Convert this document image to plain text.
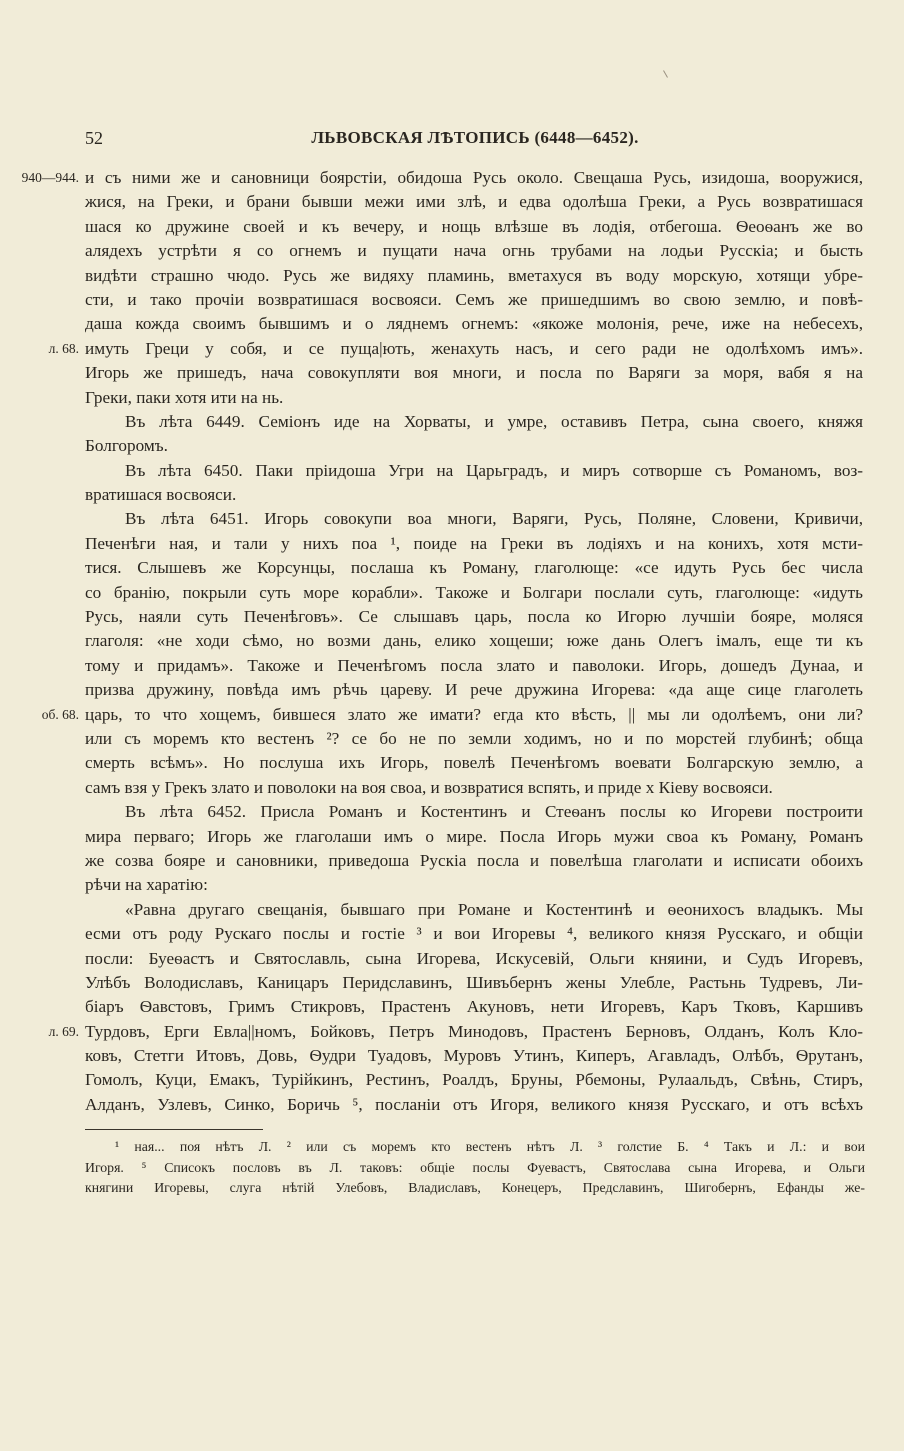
52	ЛЬВОВСКАЯ ЛѢТОПИСЬ (6448—6452).
940—944. и съ ними же и сановници боярстіи, обидоша Русь около. Свещаша Русь, изидоша, вооружися,
жися, на Греки, и брани бывши межи ими злѣ, и едва одолѣша Греки, а Русь возвратишася
шася ко дружине своей и къ вечеру, и нощь влѣзше въ лодія, отбегоша. Ѳеоѳанъ же во
алядехъ устрѣти я со огнемъ и пущати нача огнь трубами на лодьи Русскіа; и бысть
видѣти страшно чюдо. Русь же видяху пламинь, вметахуся въ воду морскую, хотящи убре-
сти, и тако прочіи возвратишася восвояси. Семъ же пришедшимъ во свою землю, и повѣ-
даша кождa своимъ бывшимъ и о ляднемъ огнемъ: «якоже молонія, рече, иже на небесехъ,
л. 68. имуть Греци у собя, и се пуща|ють, женахуть насъ, и сего ради не одолѣхомъ имъ».
Игорь же пришедъ, начa совокупляти воя многи, и посла по Варяги за моря, вабя я на
Греки, паки хотя ити на нь.
Въ лѣта 6449. Семіонъ иде на Хорваты, и умре, оставивъ Петра, сына своего, княжя
Болгоромъ.
Въ лѣта 6450. Паки пріидоша Угри на Царьградъ, и миръ сотворше съ Романомъ, воз-
вратишася восвояси.
Въ лѣта 6451. Игорь совокупи воа многи, Варяги, Русь, Поляне, Словени, Кривичи,
Печенѣги ная, и тали у нихъ поа ¹, поиде на Греки въ лодіяхъ и на конихъ, хотя мсти-
тися. Слышевъ же Корсунцы, послаша къ Роману, глаголюще: «се идуть Русь бес числа
со бранію, покрыли суть море корабли». Такоже и Болгари послали суть, глаголюще: «идуть
Русь, наяли суть Печенѣговъ». Се слышавъ царь, посла ко Игорю лучшіи бояре, моляся
глаголя: «не ходи сѣмо, но возми дань, елико хощеши; юже дань Олегъ імалъ, еще ти къ
тому и придамъ». Такоже и Печенѣгомъ посла злато и паволоки. Игорь, дошедъ Дунаа, и
призва дружину, повѣда имъ рѣчь цареву. И рече дружина Игорева: «да аще сице глаголеть
об. 68. царь, то что хощемъ, бившеся злато же имати? егда кто вѣсть, || мы ли одолѣемъ, они ли?
или съ моремъ кто вестенъ ²? се бо не по земли ходимъ, но и по морстей глубинѣ; обща
смерть всѣмъ». Но послуша ихъ Игорь, повелѣ Печенѣгомъ воевати Болгарскую землю, а
самъ взя у Грекъ злато и поволоки на воя своа, и возвратися вспять, и приде х Кіеву восвояси.
Въ лѣта 6452. Присла Романъ и Костентинъ и Стеѳанъ послы ко Игореви построити
мира перваго; Игорь же глаголаши имъ о мире. Посла Игорь мужи своа къ Роману, Романъ
же созва бояре и сановники, приведоша Рускіа посла и повелѣша глаголати и исписати обоихъ
рѣчи на харатію:
«Равна другаго свещанія, бывшаго при Романе и Костентинѣ и ѳеонихосъ владыкъ. Мы
есми отъ роду Рускаго послы и гостіе ³ и вои Игоревы ⁴, великого князя Русскаго, и общіи
посли: Буеѳастъ и Святославль, сына Игорева, Искусевій, Ольги княини, и Судъ Игоревъ,
Улѣбъ Володиславъ, Каницаръ Перидславинъ, Шивъбернъ жены Улебле, Растьнь Тудревъ, Ли-
біаръ Ѳавстовъ, Гримъ Стикровъ, Прастенъ Акуновъ, нети Игоревъ, Каръ Тковъ, Каршивъ
л. 69. Турдовъ, Ерги Евла||номъ, Бойковъ, Петръ Минодовъ, Прастенъ Берновъ, Олданъ, Колъ Кло-
ковъ, Стетги Итовъ, Довь, Ѳудри Туадовъ, Муровъ Утинъ, Киперъ, Агавладъ, Олѣбъ, Ѳрутанъ,
Гомолъ, Куци, Емакъ, Турійкинъ, Рестинъ, Роалдъ, Бруны, Рбемоны, Рулаальдъ, Свѣнь, Стиръ,
Алданъ, Узлевъ, Синко, Боричь ⁵, посланіи отъ Игоря, великого князя Русскаго, и отъ всѣхъ
¹ ная... поя нѣтъ Л. ² или съ моремъ кто вестенъ нѣтъ Л. ³ голстие Б. ⁴ Такъ и Л.: и вои
Игоря. ⁵ Списокъ пословъ въ Л. таковъ: общіе послы Фуевастъ, Святослава сына Игорева, и Ольги
княгини Игоревы, слуга нѣтій Улебовъ, Владиславъ, Конецеръ, Предславинъ, Шигобернъ, Ефанды же-
